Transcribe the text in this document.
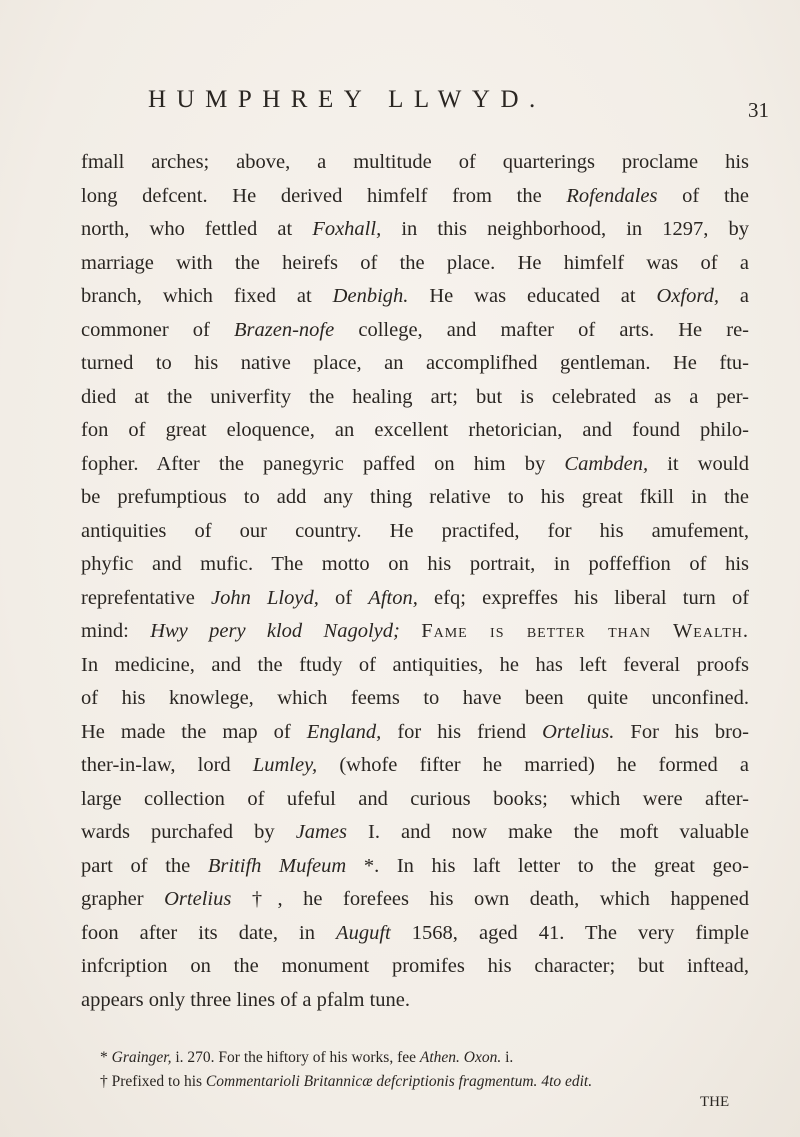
HUMPHREY LLWYD.	31
fmall arches; above, a multitude of quarterings proclame his
long defcent. He derived himfelf from the Rofendales of the
north, who fettled at Foxhall, in this neighborhood, in 1297, by
marriage with the heirefs of the place. He himfelf was of a
branch, which fixed at Denbigh. He was educated at Oxford, a
commoner of Brazen-nofe college, and mafter of arts. He re-
turned to his native place, an accomplifhed gentleman. He ftu-
died at the univerfity the healing art; but is celebrated as a per-
fon of great eloquence, an excellent rhetorician, and found philo-
fopher. After the panegyric paffed on him by Cambden, it would
be prefumptious to add any thing relative to his great fkill in the
antiquities of our country. He practifed, for his amufement,
phyfic and mufic. The motto on his portrait, in poffeffion of his
reprefentative John Lloyd, of Afton, efq; expreffes his liberal turn of
mind: Hwy pery klod Nagolyd; Fame is better than Wealth.
In medicine, and the ftudy of antiquities, he has left feveral proofs
of his knowlege, which feems to have been quite unconfined.
He made the map of England, for his friend Ortelius. For his bro-
ther-in-law, lord Lumley, (whofe fifter he married) he formed a
large collection of ufeful and curious books; which were after-
wards purchafed by James I. and now make the moft valuable
part of the Britifh Mufeum *. In his laft letter to the great geo-
grapher Ortelius †, he forefees his own death, which happened
foon after its date, in Auguft 1568, aged 41. The very fimple
infcription on the monument promifes his character; but inftead,
appears only three lines of a pfalm tune.
* Grainger, i. 270. For the hiftory of his works, fee Athen. Oxon. i.
† Prefixed to his Commentarioli Britannicæ defcriptionis fragmentum. 4to edit.
THE
